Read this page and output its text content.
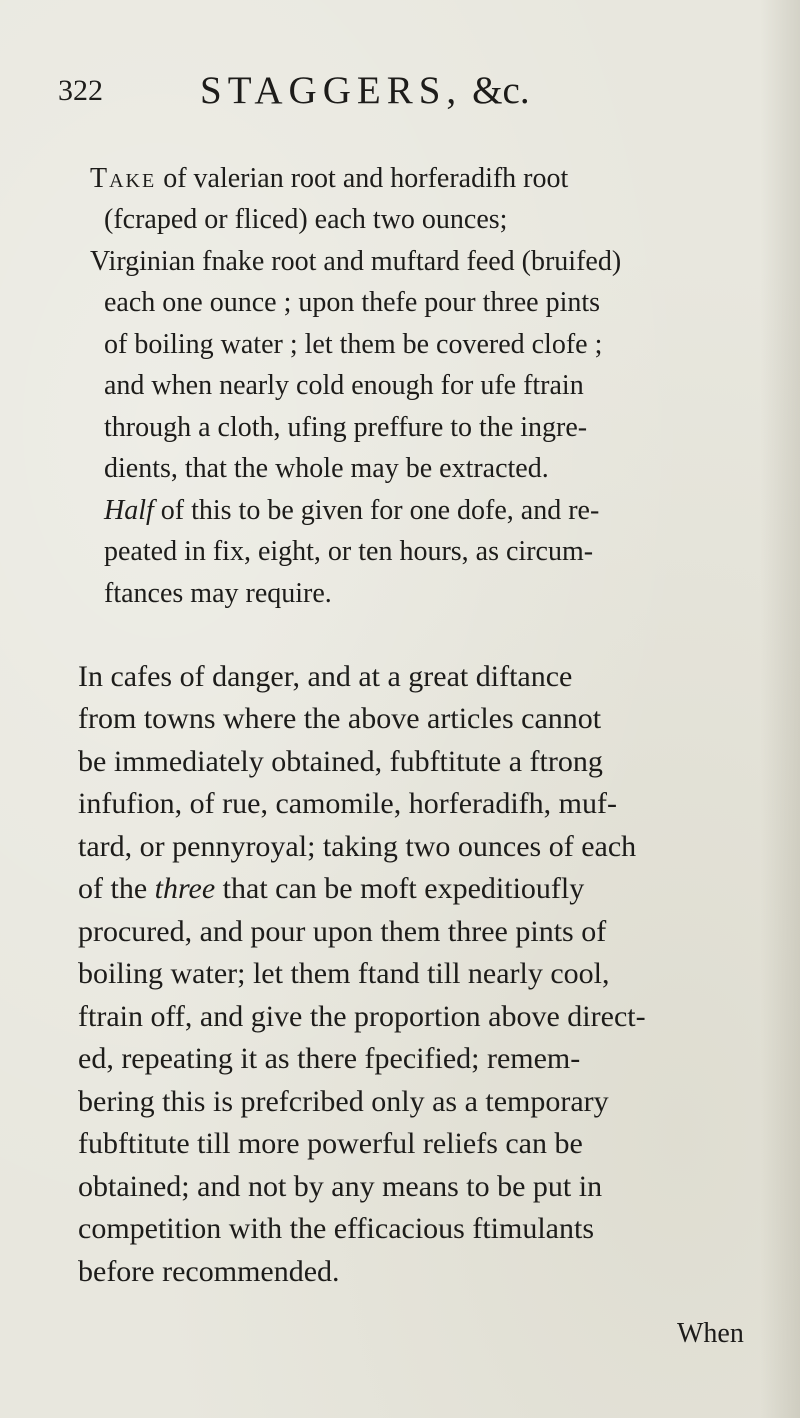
322 STAGGERS, &c.
Take of valerian root and horferadifh root
(fcraped or fliced) each two ounces;
Virginian fnake root and muftard feed (bruifed)
each one ounce ; upon thefe pour three pints
of boiling water ; let them be covered clofe ;
and when nearly cold enough for ufe ftrain
through a cloth, ufing preffure to the ingre-
dients, that the whole may be extracted.
Half of this to be given for one dofe, and re-
peated in fix, eight, or ten hours, as circum-
ftances may require.
In cafes of danger, and at a great diftance
from towns where the above articles cannot
be immediately obtained, fubftitute a ftrong
infufion, of rue, camomile, horferadifh, muf-
tard, or pennyroyal; taking two ounces of each
of the three that can be moft expeditioufly
procured, and pour upon them three pints of
boiling water; let them ftand till nearly cool,
ftrain off, and give the proportion above direct-
ed, repeating it as there fpecified; remem-
bering this is prefcribed only as a temporary
fubftitute till more powerful reliefs can be
obtained; and not by any means to be put in
competition with the efficacious ftimulants
before recommended.
When
